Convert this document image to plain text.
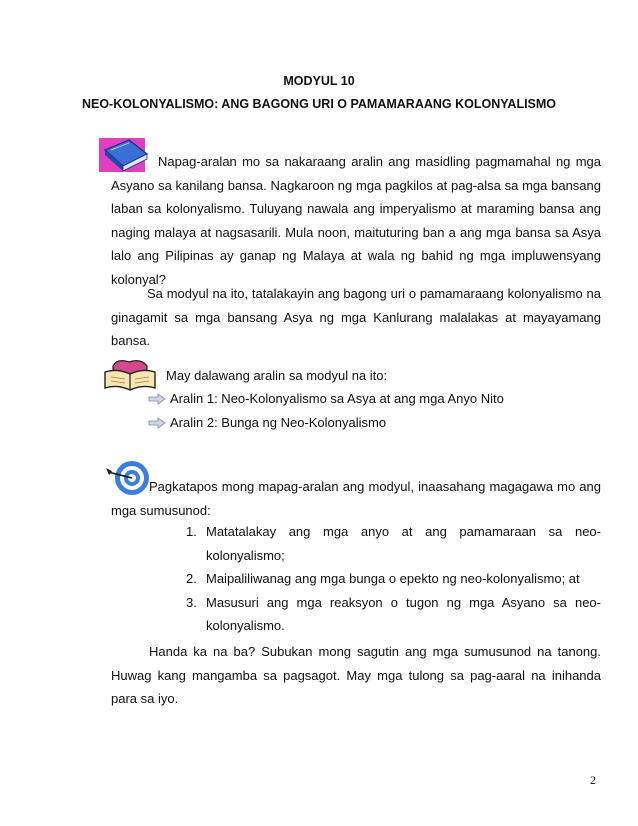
MODYUL 10
NEO-KOLONYALISMO: ANG BAGONG URI O PAMAMARAANG KOLONYALISMO
Napag-aralan mo sa nakaraang aralin ang masidling pagmamahal ng mga Asyano sa kanilang bansa. Nagkaroon ng mga pagkilos at pag-alsa sa mga bansang laban sa kolonyalismo. Tuluyang nawala ang imperyalismo at maraming bansa ang naging malaya at nagsasarili. Mula noon, maituturing ban a ang mga bansa sa Asya lalo ang Pilipinas ay ganap ng Malaya at wala ng bahid ng mga impluwensyang kolonyal?
Sa modyul na ito, tatalakayin ang bagong uri o pamamaraang kolonyalismo na ginagamit sa mga bansang Asya ng mga Kanlurang malalakas at mayayamang bansa.
May dalawang aralin sa modyul na ito:
Aralin 1: Neo-Kolonyalismo sa Asya at ang mga Anyo Nito
Aralin 2: Bunga ng Neo-Kolonyalismo
Pagkatapos mong mapag-aralan ang modyul, inaasahang magagawa mo ang mga sumusunod:
1. Matatalakay ang mga anyo at ang pamamaraan sa neo-kolonyalismo;
2. Maipaliliwanag ang mga bunga o epekto ng neo-kolonyalismo; at
3. Masusuri ang mga reaksyon o tugon ng mga Asyano sa neo-kolonyalismo.
Handa ka na ba? Subukan mong sagutin ang mga sumusunod na tanong. Huwag kang mangamba sa pagsagot. May mga tulong sa pag-aaral na inihanda para sa iyo.
2
